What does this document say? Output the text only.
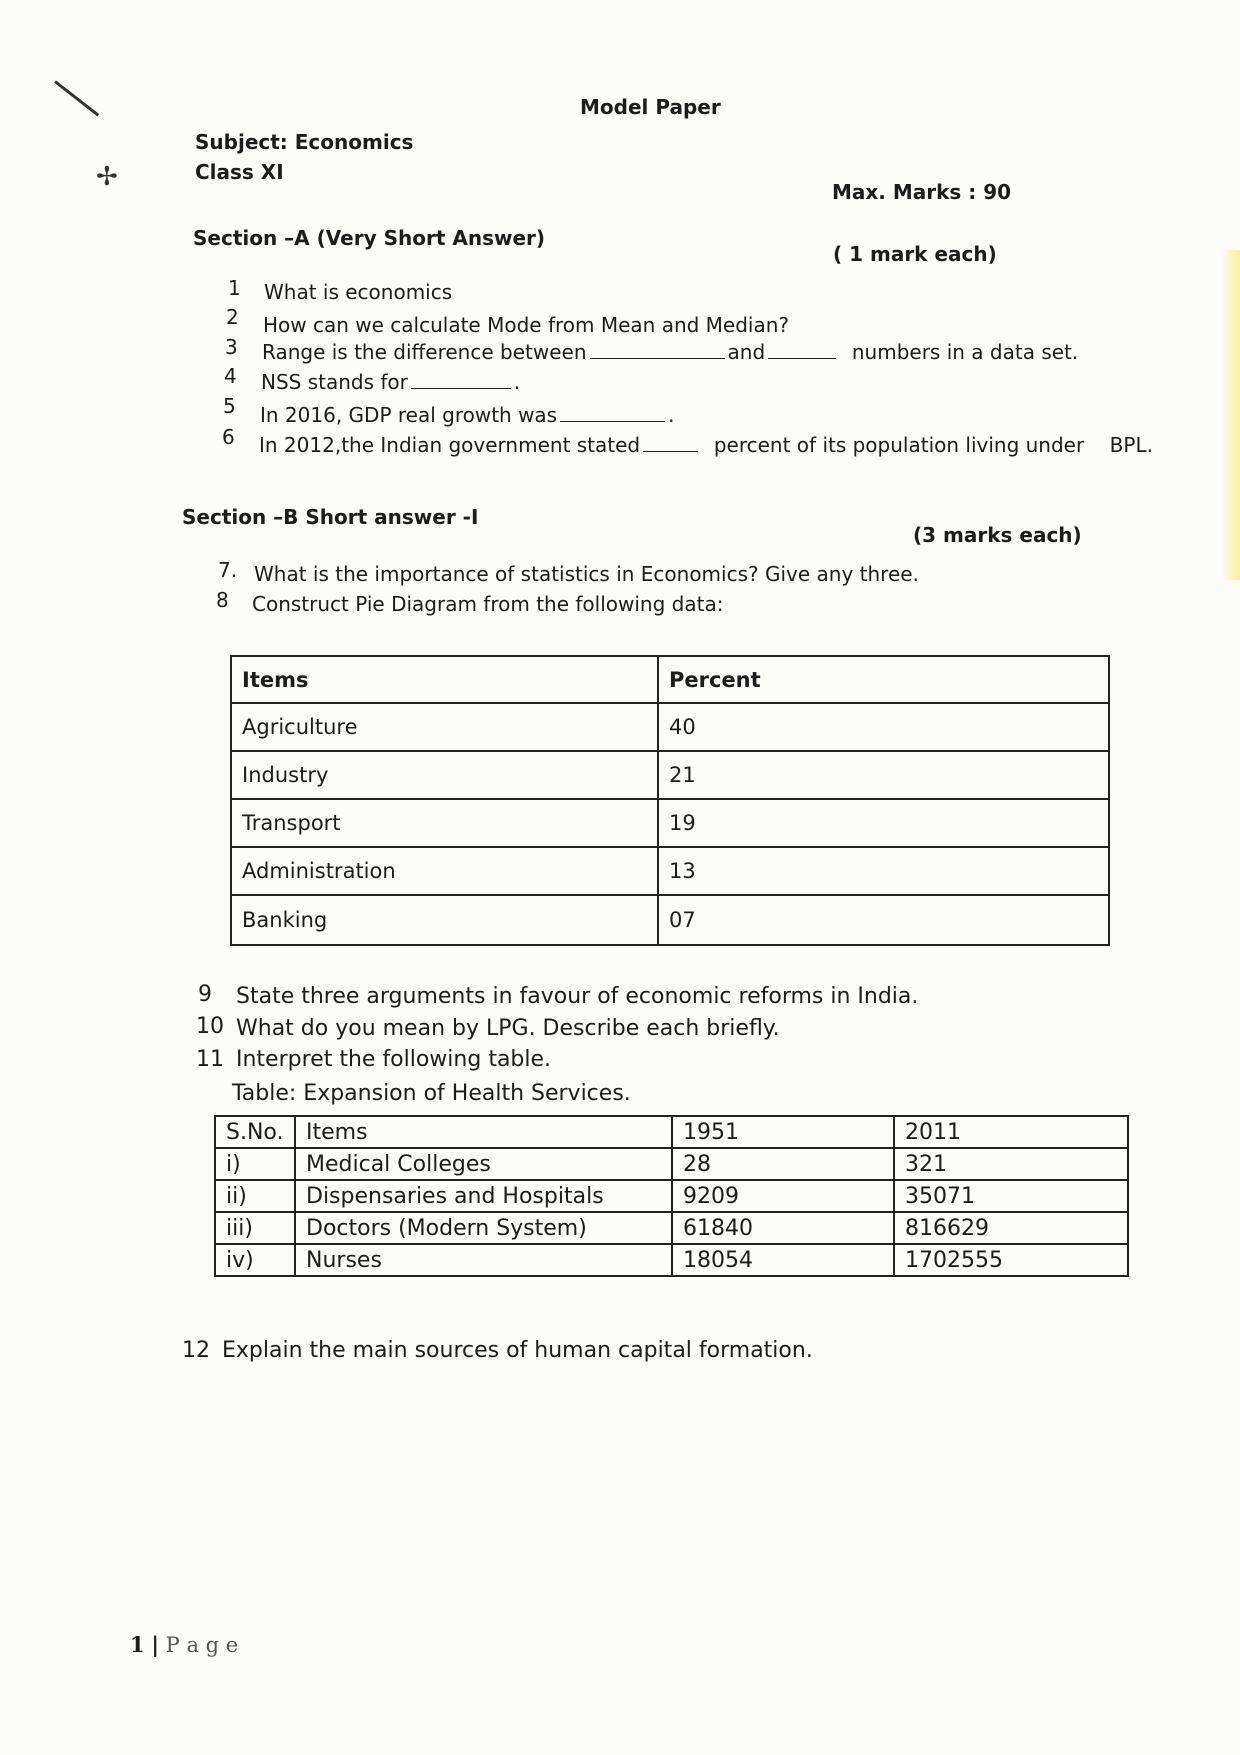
✢
Model Paper
Subject: Economics
Class XI
Max. Marks : 90
Section –A (Very Short Answer)
( 1 mark each)
1 What is economics
2 How can we calculate Mode from Mean and Median?
3 Range is the difference between	and	numbers in a data set.
4 NSS stands for	.
5 In 2016, GDP real growth was	.
6 In 2012,the Indian government stated	percent of its population living under BPL.
Section –B Short answer -I
(3 marks each)
7. What is the importance of statistics in Economics? Give any three.
8 Construct Pie Diagram from the following data:
Items	Percent
Agriculture	40
Industry	21
Transport	19
Administration	13
Banking	07
9 State three arguments in favour of economic reforms in India.
10 What do you mean by LPG. Describe each briefly.
11 Interpret the following table.
Table: Expansion of Health Services.
S.No.	Items	1951	2011
i)	Medical Colleges	28	321
ii)	Dispensaries and Hospitals	9209	35071
iii)	Doctors (Modern System)	61840	816629
iv)	Nurses	18054	1702555
12 Explain the main sources of human capital formation.
1 | P a g e
